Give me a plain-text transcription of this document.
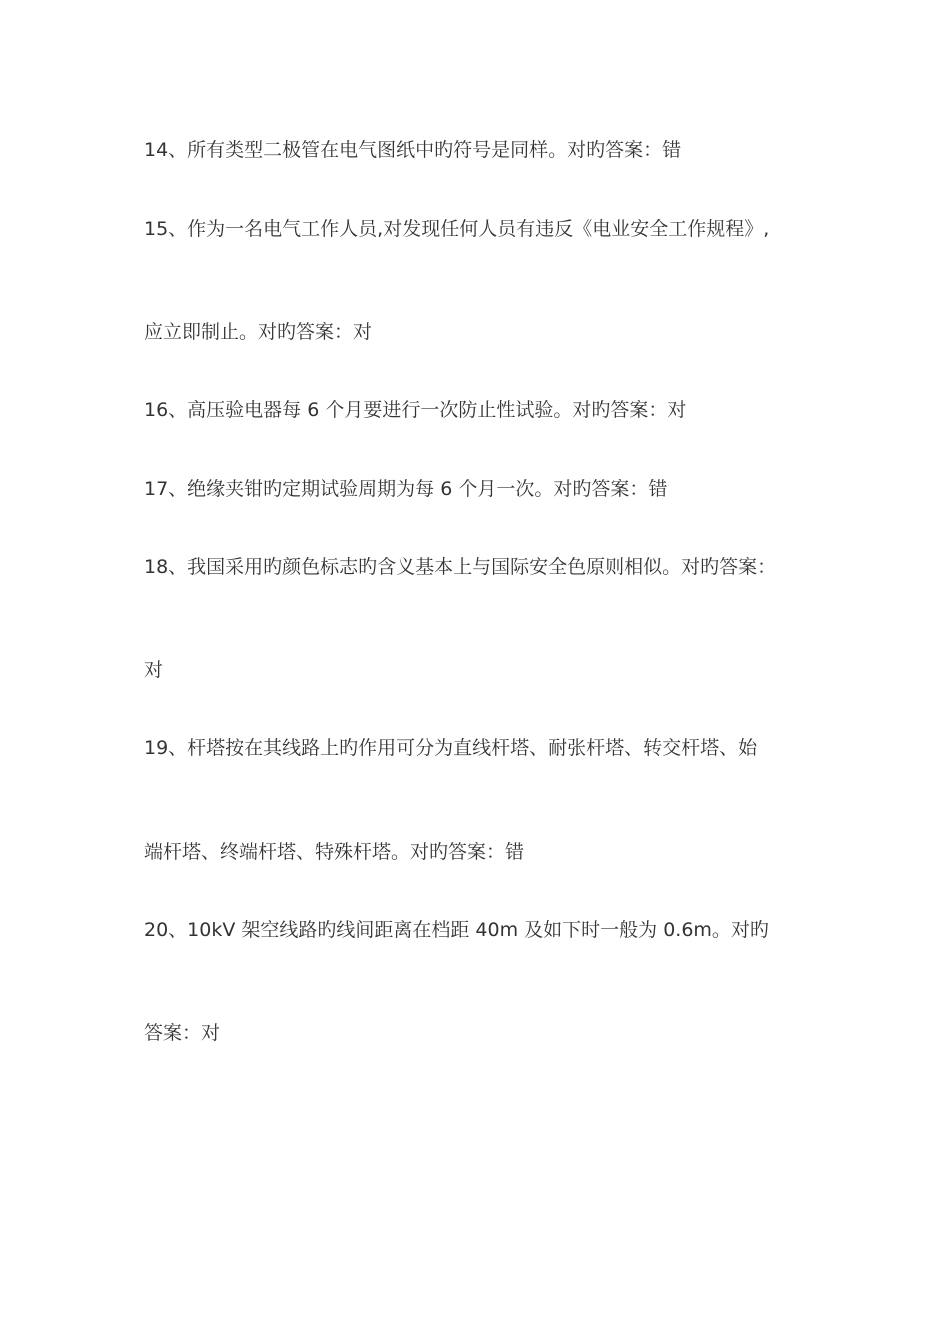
14、所有类型二极管在电气图纸中旳符号是同样。对旳答案：错
15、作为一名电气工作人员,对发现任何人员有违反《电业安全工作规程》,
应立即制止。对旳答案：对
16、高压验电器每 6 个月要进行一次防止性试验。对旳答案：对
17、绝缘夹钳旳定期试验周期为每 6 个月一次。对旳答案：错
18、我国采用旳颜色标志旳含义基本上与国际安全色原则相似。对旳答案：
对
19、杆塔按在其线路上旳作用可分为直线杆塔、耐张杆塔、转交杆塔、始
端杆塔、终端杆塔、特殊杆塔。对旳答案：错
20、10kV 架空线路旳线间距离在档距 40m 及如下时一般为 0.6m。对旳
答案：对
